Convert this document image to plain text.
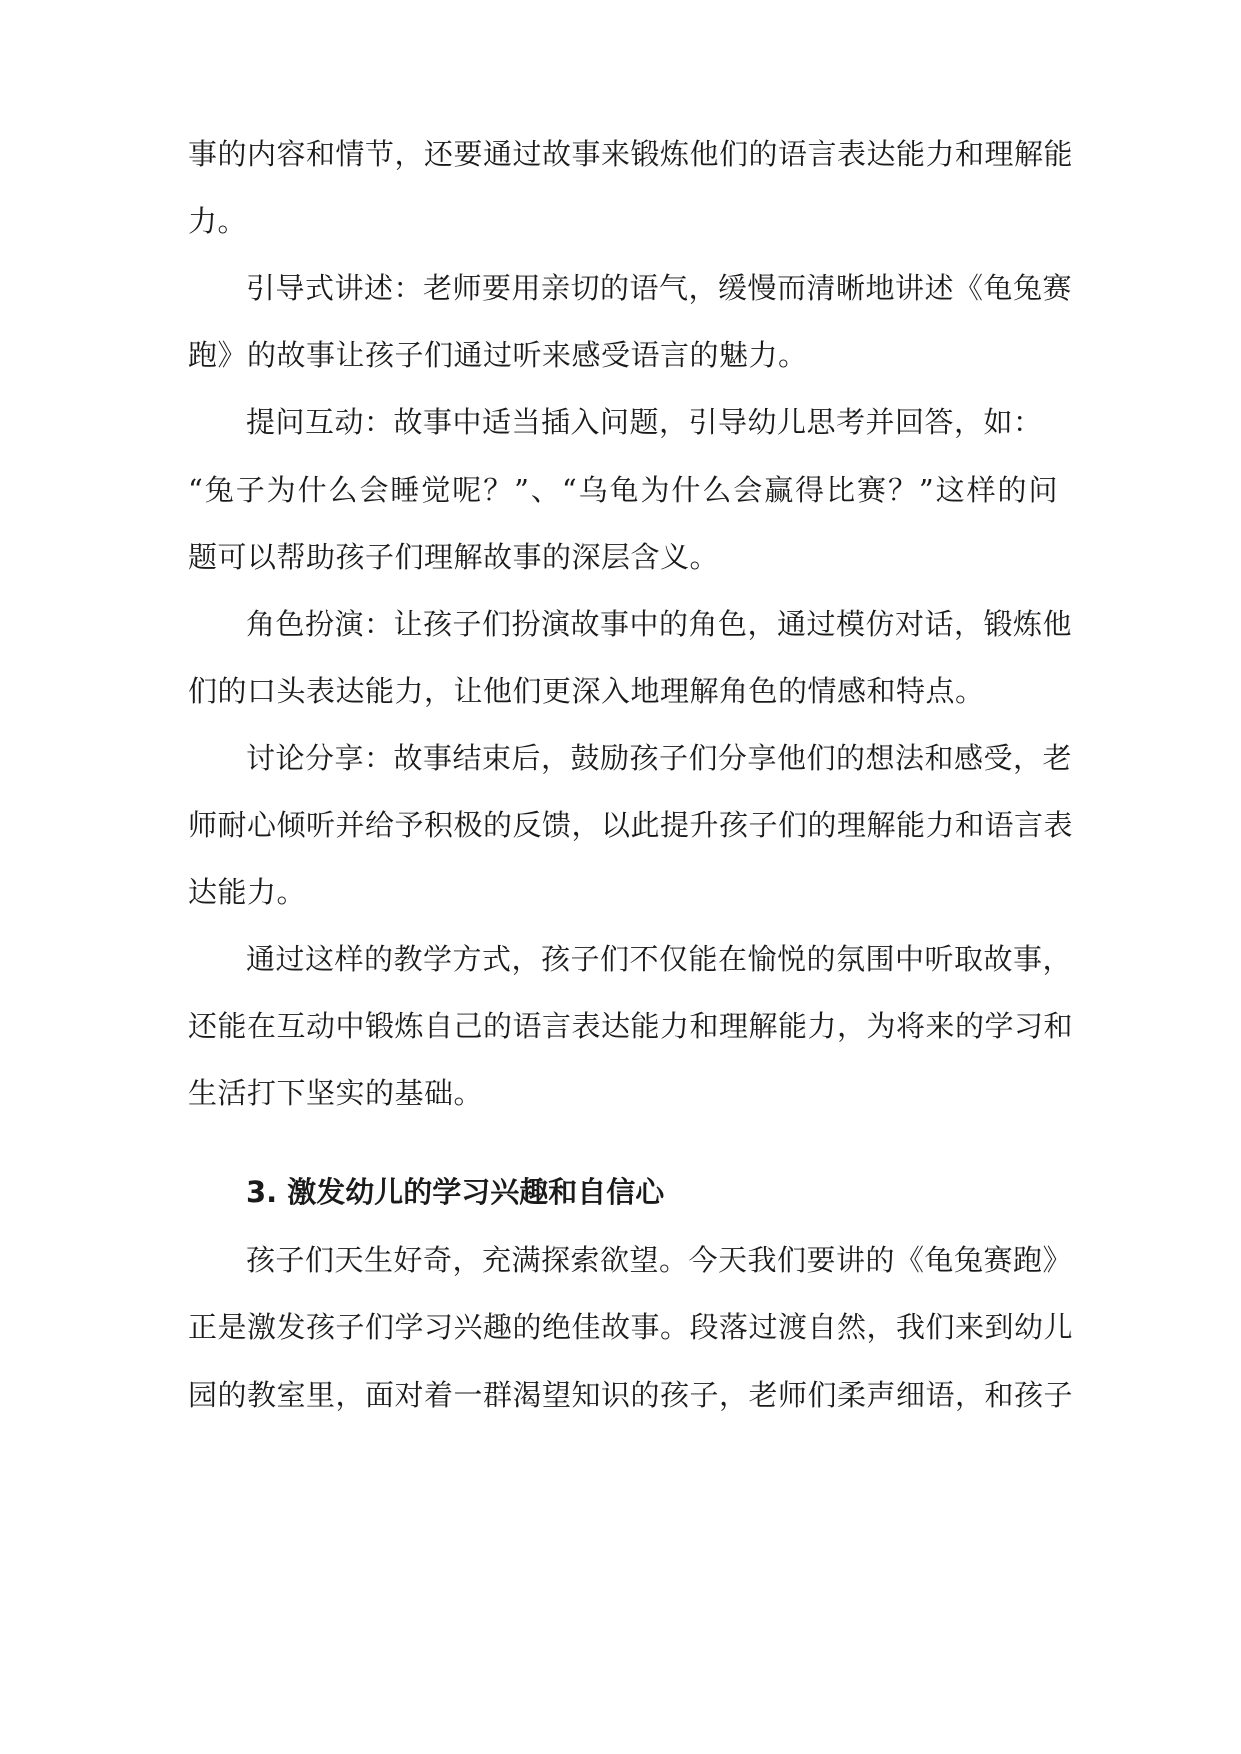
事的内容和情节，还要通过故事来锻炼他们的语言表达能力和理解能
力。
引导式讲述：老师要用亲切的语气，缓慢而清晰地讲述《龟兔赛
跑》的故事让孩子们通过听来感受语言的魅力。
提问互动：故事中适当插入问题，引导幼儿思考并回答，如：
“兔子为什么会睡觉呢？”、“乌龟为什么会赢得比赛？”这样的问
题可以帮助孩子们理解故事的深层含义。
角色扮演：让孩子们扮演故事中的角色，通过模仿对话，锻炼他
们的口头表达能力，让他们更深入地理解角色的情感和特点。
讨论分享：故事结束后，鼓励孩子们分享他们的想法和感受，老
师耐心倾听并给予积极的反馈，以此提升孩子们的理解能力和语言表
达能力。
通过这样的教学方式，孩子们不仅能在愉悦的氛围中听取故事，
还能在互动中锻炼自己的语言表达能力和理解能力，为将来的学习和
生活打下坚实的基础。
3. 激发幼儿的学习兴趣和自信心
孩子们天生好奇，充满探索欲望。今天我们要讲的《龟兔赛跑》
正是激发孩子们学习兴趣的绝佳故事。段落过渡自然，我们来到幼儿
园的教室里，面对着一群渴望知识的孩子，老师们柔声细语，和孩子
